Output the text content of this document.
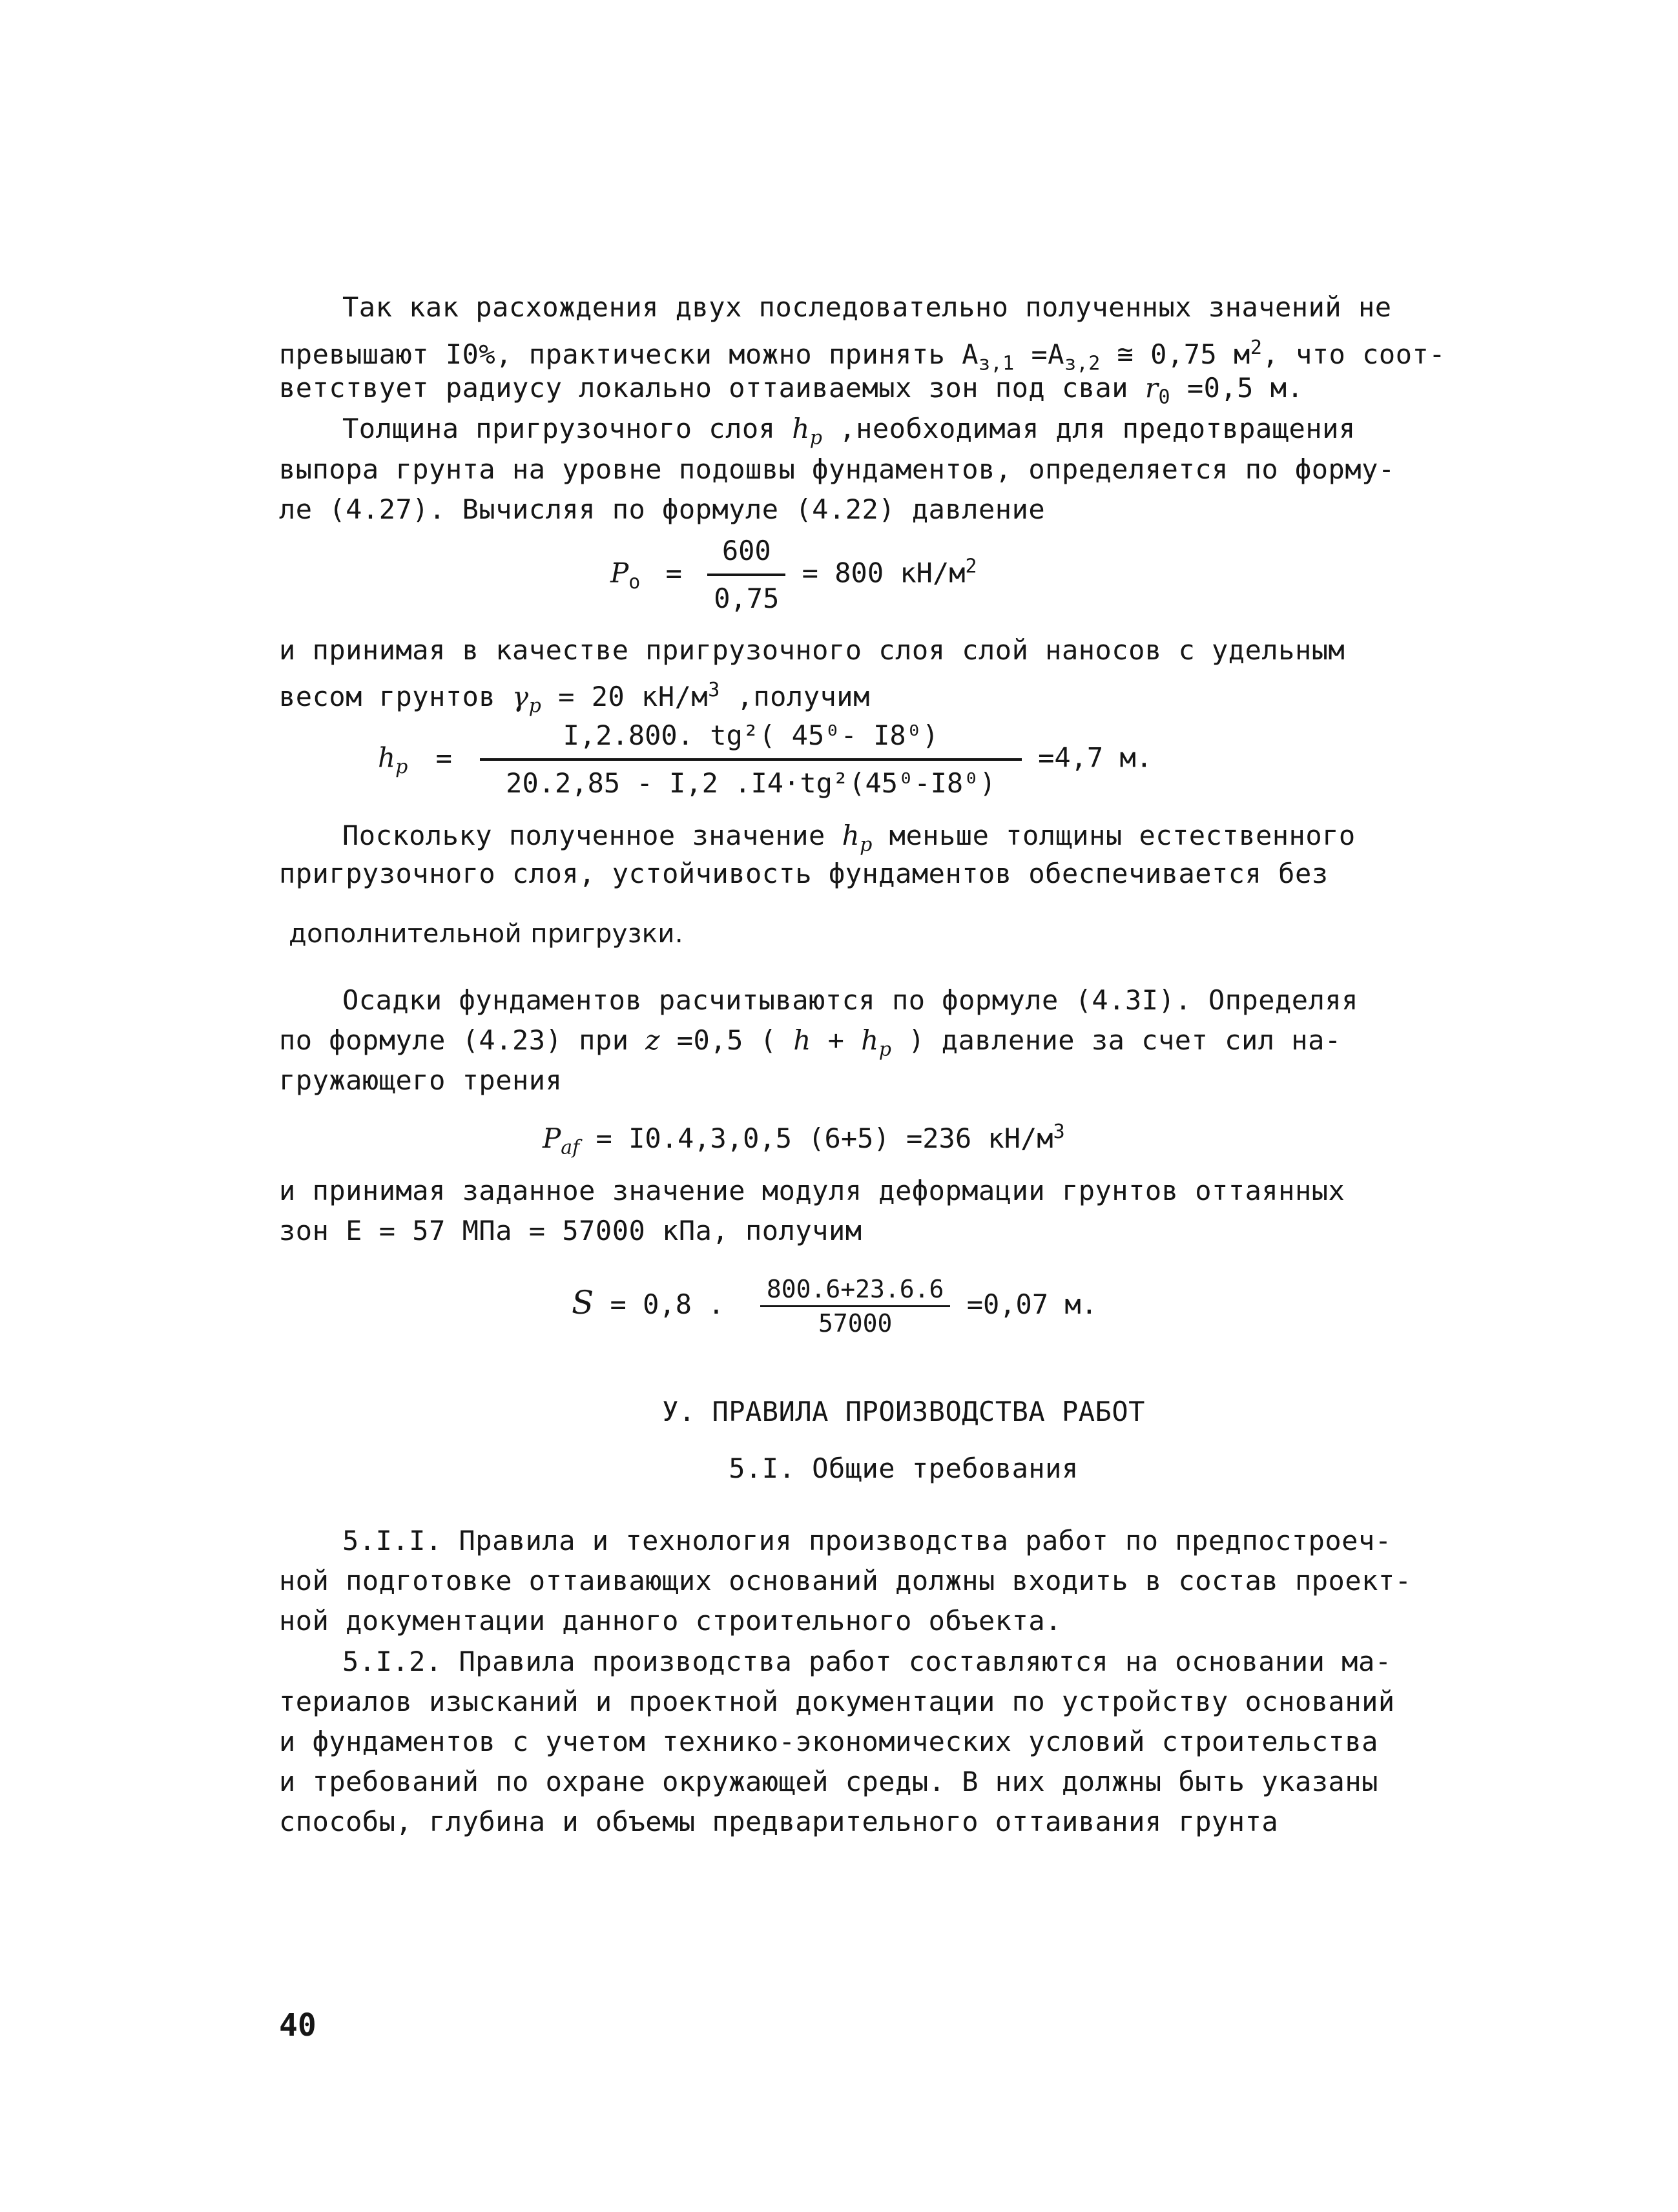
Так как расхождения двух последовательно полученных значений не
превышают I0%, практически можно принять $A_{з,1} =A_{з,2}$ ≅ 0,75 $м^2$, что соот-
ветствует радиусу локально оттаиваемых зон под сваи $r_0 =0,5$ м.
Толщина пригрузочного слоя $h_p$ ,необходимая для предотвращения
выпора грунта на уровне подошвы фундаментов, определяется по форму-
ле (4.27). Вычисляя по формуле (4.22) давление
$P_o = \frac{600}{0,75} = 800$ $кН/м^2$
и принимая в качестве пригрузочного слоя слой наносов с удельным
весом грунтов $\gamma_p = 20$ $кН/м^3$ ,получим
$h_p = \frac{\text{I,2.800. tg²( 45⁰- I8⁰)}}{\text{20.2,85 - I,2 .I4·tg²(45⁰-I8⁰)}} =4,7$ м.
Поскольку полученное значение $h_p$ меньше толщины естественного
пригрузочного слоя, устойчивость фундаментов обеспечивается без
дополнительной пригрузки.
Осадки фундаментов расчитываются по формуле (4.3I). Определяя
по формуле (4.23) при z =0,5 ( $h + h_p$ ) давление за счет сил на-
гружающего трения
$P_{af} = I0.4,3,0,5$ (6+5) =236 $кН/м^3$
и принимая заданное значение модуля деформации грунтов оттаянных
зон E = 57 МПа = 57000 кПа, получим
S = 0,8 . $\frac{800.6+23.6.6}{57000} =0,07$ м.
У. ПРАВИЛА ПРОИЗВОДСТВА РАБОТ
5.I. Общие требования
5.I.I. Правила и технология производства работ по предпостроеч-
ной подготовке оттаивающих оснований должны входить в состав проект-
ной документации данного строительного объекта.
5.I.2. Правила производства работ составляются на основании ма-
териалов изысканий и проектной документации по устройству оснований
и фундаментов с учетом технико-экономических условий строительства
и требований по охране окружающей среды. В них должны быть указаны
способы, глубина и объемы предварительного оттаивания грунта
40
